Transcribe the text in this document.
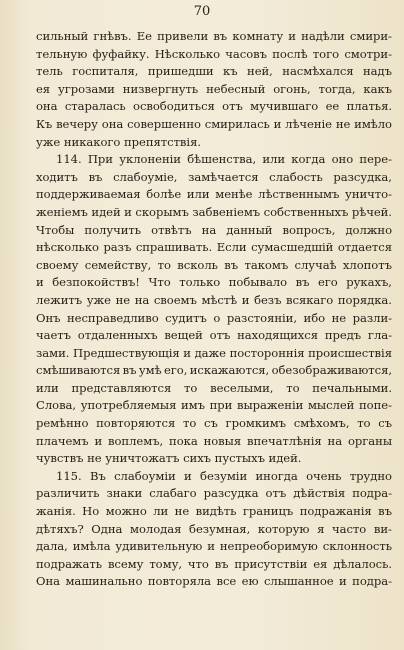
70
сильный гнѣвъ. Ее привели въ комнату и надѣли смири-
тельную фуфайку. Нѣсколько часовъ послѣ того смотри-
тель госпиталя, пришедши къ ней, насмѣхался надъ
ея угрозами низвергнуть небесный огонь, тогда, какъ
она старалась освободиться отъ мучившаго ее платья.
Къ вечеру она совершенно смирилась и лѣченіе не имѣло
уже никакого препятствія.
114. При уклоненіи бѣшенства, или когда оно пере-
ходитъ въ слабоуміе, замѣчается слабость разсудка,
поддерживаемая болѣе или менѣе лѣственнымъ уничто-
женіемъ идей и скорымъ забвеніемъ собственныхъ рѣчей.
Чтобы получить отвѣтъ на данный вопросъ, должно
нѣсколько разъ спрашивать. Если сумасшедшій отдается
своему семейству, то всколь въ такомъ случаѣ хлопотъ
и безпокойствъ! Что только побывало въ его рукахъ,
лежитъ уже не на своемъ мѣстѣ и безъ всякаго порядка.
Онъ несправедливо судитъ о разстояніи, ибо не разли-
чаетъ отдаленныхъ вещей отъ находящихся предъ гла-
зами. Предшествующія и даже постороннія происшествія
смѣшиваются въ умѣ его, искажаются, обезображиваются,
или представляются то веселыми, то печальными.
Слова, употребляемыя имъ при выраженіи мыслей попе-
ремѣнно повторяются то съ громкимъ смѣхомъ, то съ
плачемъ и воплемъ, пока новыя впечатлѣнія на органы
чувствъ не уничтожатъ сихъ пустыхъ идей.
115. Въ слабоуміи и безуміи иногда очень трудно
различить знаки слабаго разсудка отъ дѣйствія подра-
жанія. Но можно ли не видѣть границъ подражанія въ
дѣтяхъ? Одна молодая безумная, которую я часто ви-
дала, имѣла удивительную и непреоборимую склонность
подражать всему тому, что въ присутствіи ея дѣлалось.
Она машинально повторяла все ею слышанное и подра-
